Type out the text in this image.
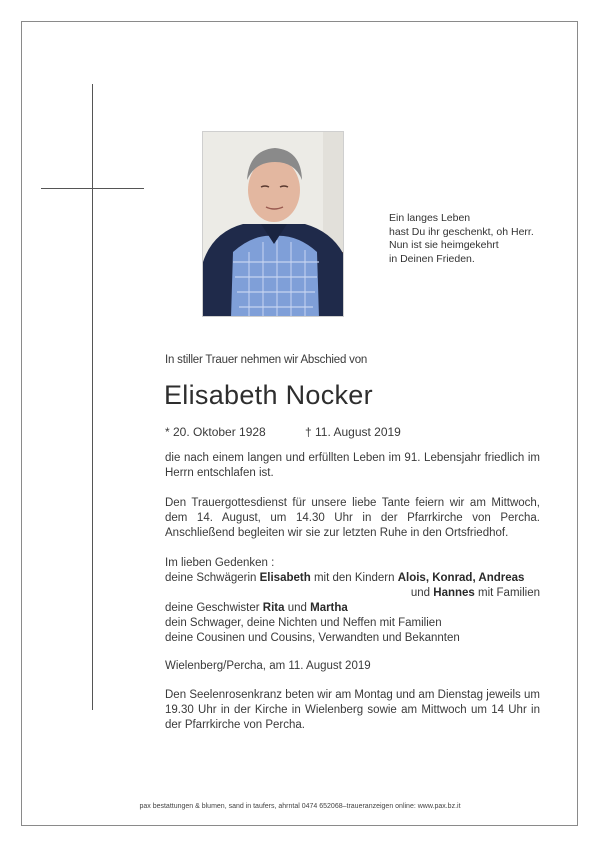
Ein langes Leben
hast Du ihr geschenkt, oh Herr.
Nun ist sie heimgekehrt
in Deinen Frieden.
In stiller Trauer nehmen wir Abschied von
Elisabeth Nocker
* 20. Oktober 1928	† 11. August 2019

die nach einem langen und erfüllten Leben im 91. Lebensjahr friedlich im Herrn entschlafen ist.

Den Trauergottesdienst für unsere liebe Tante feiern wir am Mittwoch, dem 14. August, um 14.30 Uhr in der Pfarrkirche von Percha. Anschließend begleiten wir sie zur letzten Ruhe in den Ortsfriedhof.

Im lieben Gedenken :

deine Schwägerin Elisabeth mit den Kindern Alois, Konrad, Andreas

und Hannes mit Familien

deine Geschwister Rita und Martha

dein Schwager, deine Nichten und Neffen mit Familien

deine Cousinen und Cousins, Verwandten und Bekannten

Wielenberg/Percha, am 11. August 2019

Den Seelenrosenkranz beten wir am Montag und am Dienstag jeweils um 19.30 Uhr in der Kirche in Wielenberg sowie am Mittwoch um 14 Uhr in der Pfarrkirche von Percha.

pax bestattungen & blumen, sand in taufers, ahrntal 0474 652068–traueranzeigen online: www.pax.bz.it
